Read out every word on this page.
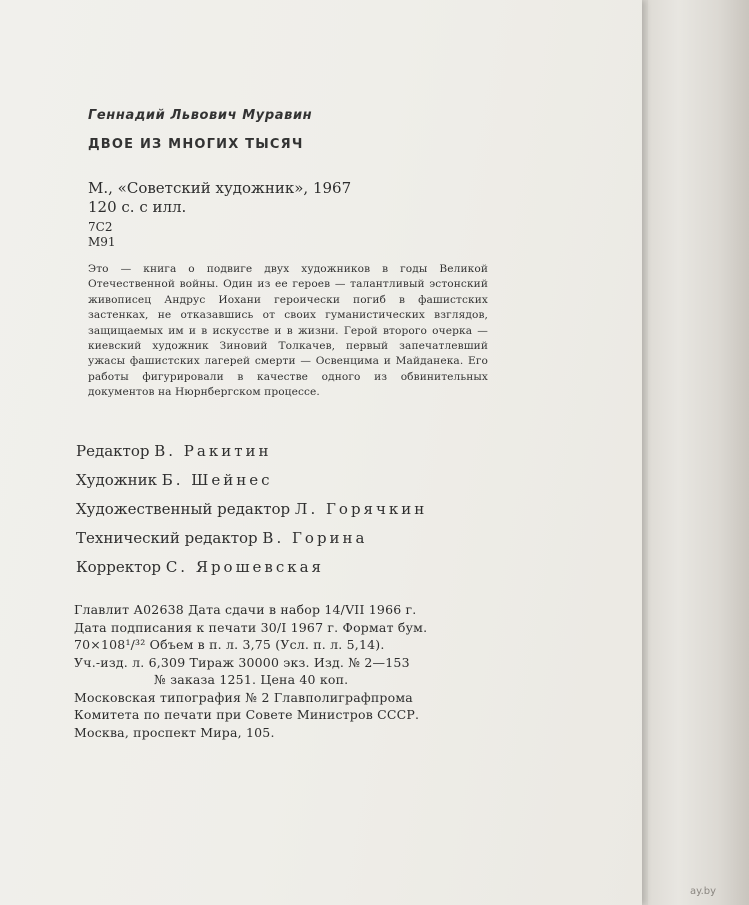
Геннадий Львович Муравин
ДВОЕ ИЗ МНОГИХ ТЫСЯЧ
М., «Советский художник», 1967
120 с. с илл.
7С2
М91
Это — книга о подвиге двух художников в годы Великой Отечественной войны. Один из ее героев — талантливый эстонский живописец Андрус Иохани героически погиб в фашистских застенках, не отказавшись от своих гуманистических взглядов, защищаемых им и в искусстве и в жизни. Герой второго очерка — киевский художник Зиновий Толкачев, первый запечатлевший ужасы фашистских лагерей смерти — Освенцима и Майданека. Его работы фигурировали в качестве одного из обвинительных документов на Нюрнбергском процессе.
Редактор В. Ракитин
Художник Б. Шейнес
Художественный редактор Л. Горячкин
Технический редактор В. Горина
Корректор С. Ярошевская
Главлит А02638 Дата сдачи в набор 14/VII 1966 г.
Дата подписания к печати 30/I 1967 г. Формат бум.
70×108¹/³² Объем в п. л. 3,75 (Усл. п. л. 5,14).
Уч.-изд. л. 6,309 Тираж 30000 экз. Изд. № 2—153
№ заказа 1251. Цена 40 коп.
Московская типография № 2 Главполиграфпрома
Комитета по печати при Совете Министров СССР.
Москва, проспект Мира, 105.
ay.by
